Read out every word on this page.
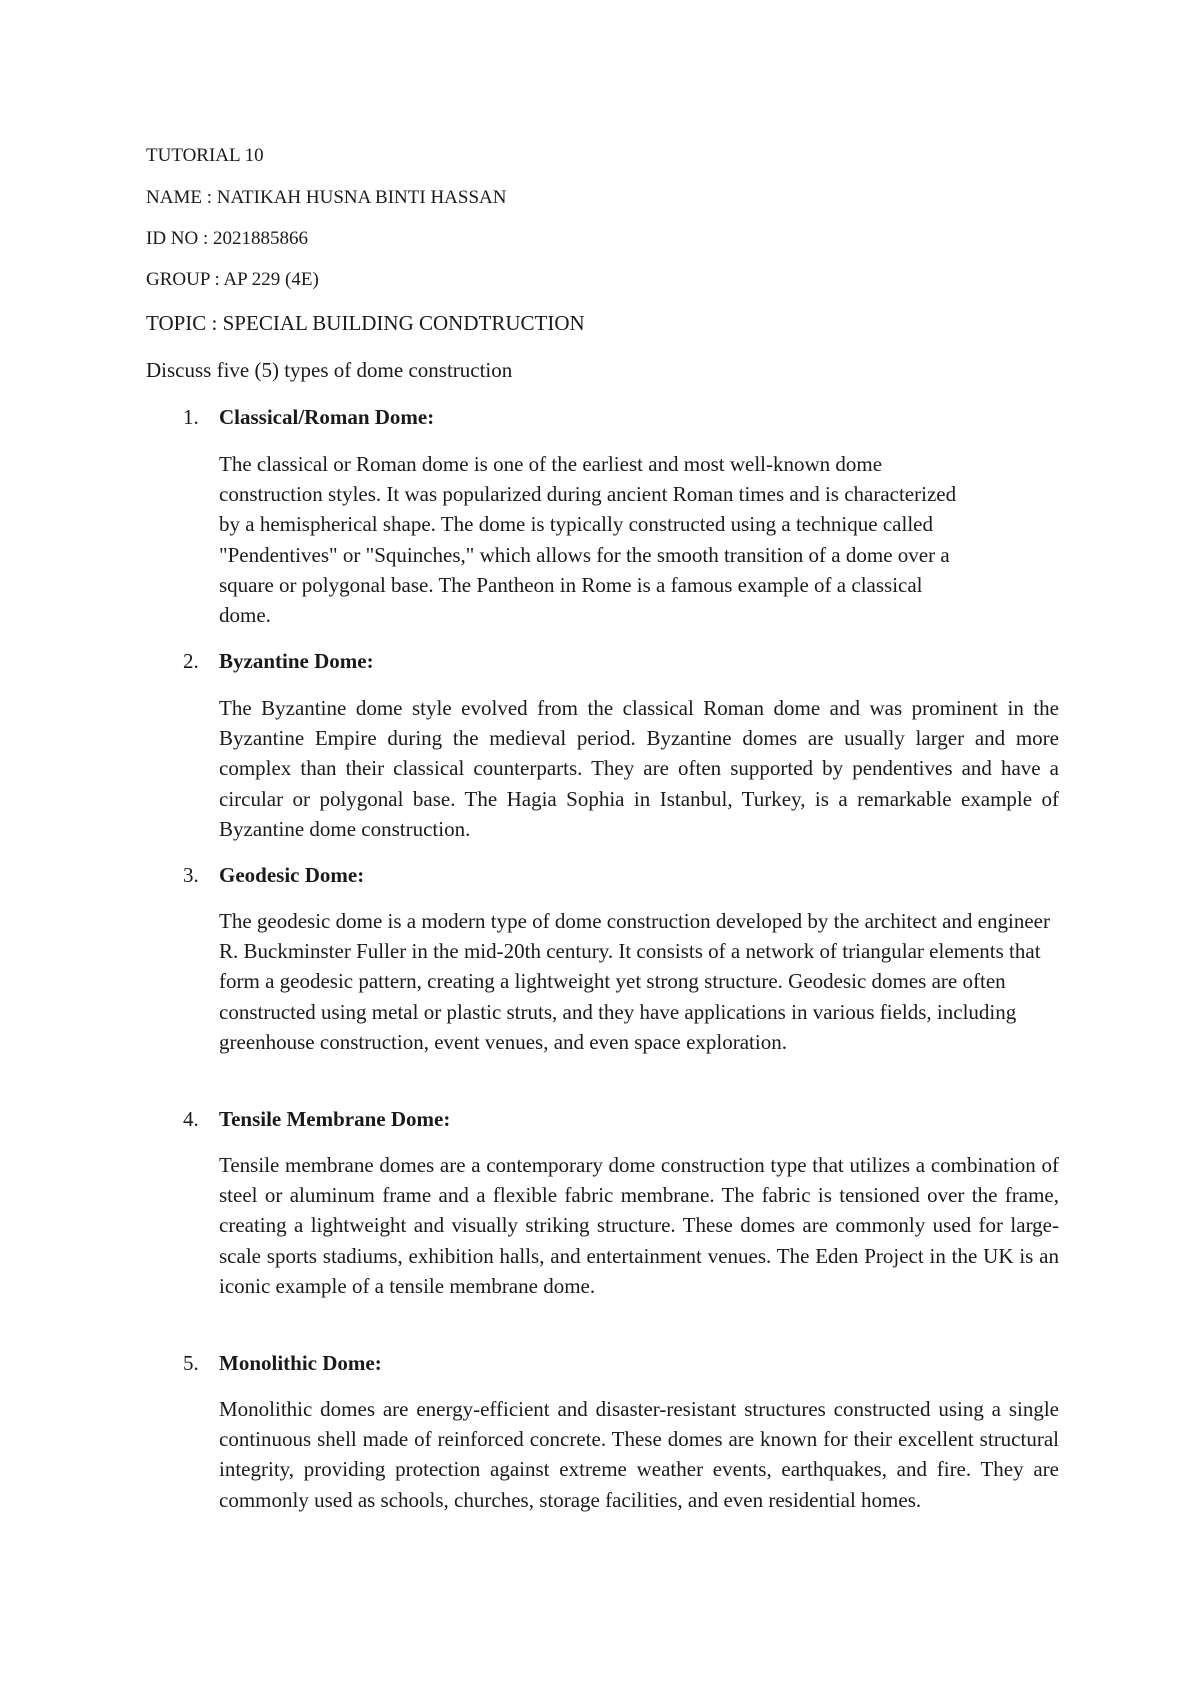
TUTORIAL 10
NAME : NATIKAH HUSNA BINTI HASSAN
ID NO : 2021885866
GROUP : AP 229 (4E)
TOPIC : SPECIAL BUILDING CONDTRUCTION
Discuss five (5) types of dome construction
1. Classical/Roman Dome:
The classical or Roman dome is one of the earliest and most well-known dome construction styles. It was popularized during ancient Roman times and is characterized by a hemispherical shape. The dome is typically constructed using a technique called "Pendentives" or "Squinches," which allows for the smooth transition of a dome over a square or polygonal base. The Pantheon in Rome is a famous example of a classical dome.
2. Byzantine Dome:
The Byzantine dome style evolved from the classical Roman dome and was prominent in the Byzantine Empire during the medieval period. Byzantine domes are usually larger and more complex than their classical counterparts. They are often supported by pendentives and have a circular or polygonal base. The Hagia Sophia in Istanbul, Turkey, is a remarkable example of Byzantine dome construction.
3. Geodesic Dome:
The geodesic dome is a modern type of dome construction developed by the architect and engineer R. Buckminster Fuller in the mid-20th century. It consists of a network of triangular elements that form a geodesic pattern, creating a lightweight yet strong structure. Geodesic domes are often constructed using metal or plastic struts, and they have applications in various fields, including greenhouse construction, event venues, and even space exploration.
4. Tensile Membrane Dome:
Tensile membrane domes are a contemporary dome construction type that utilizes a combination of steel or aluminum frame and a flexible fabric membrane. The fabric is tensioned over the frame, creating a lightweight and visually striking structure. These domes are commonly used for large-scale sports stadiums, exhibition halls, and entertainment venues. The Eden Project in the UK is an iconic example of a tensile membrane dome.
5. Monolithic Dome:
Monolithic domes are energy-efficient and disaster-resistant structures constructed using a single continuous shell made of reinforced concrete. These domes are known for their excellent structural integrity, providing protection against extreme weather events, earthquakes, and fire. They are commonly used as schools, churches, storage facilities, and even residential homes.
